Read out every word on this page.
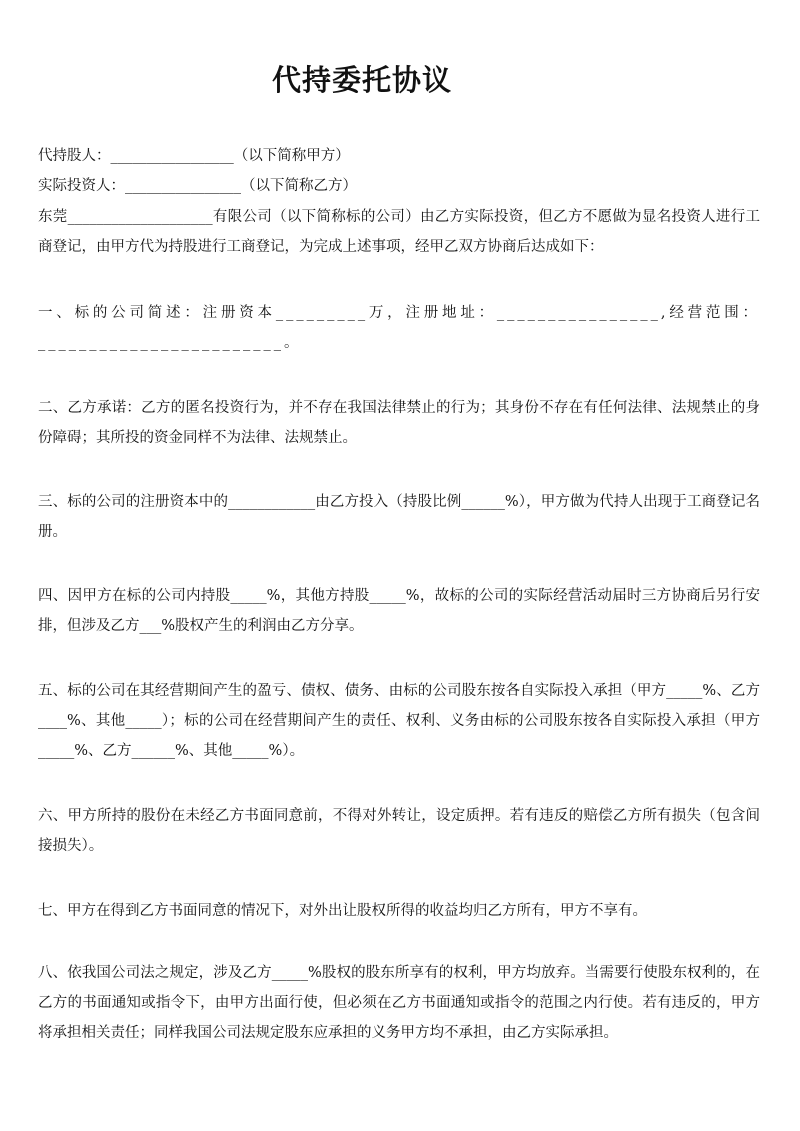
代持委托协议
代持股人：_________________（以下简称甲方）
实际投资人：________________（以下简称乙方）

东莞____________________有限公司（以下简称标的公司）由乙方实际投资，但乙方不愿做为显名投资人进行工商登记，由甲方代为持股进行工商登记，为完成上述事项，经甲乙双方协商后达成如下：

一、标的公司简述：注册资本_________万，注册地址：________________,经营范围：________________________。

二、乙方承诺：乙方的匿名投资行为，并不存在我国法律禁止的行为；其身份不存在有任何法律、法规禁止的身份障碍；其所投的资金同样不为法律、法规禁止。

三、标的公司的注册资本中的____________由乙方投入（持股比例______%），甲方做为代持人出现于工商登记名册。

四、因甲方在标的公司内持股_____%，其他方持股_____%，故标的公司的实际经营活动届时三方协商后另行安排，但涉及乙方___%股权产生的利润由乙方分享。

五、标的公司在其经营期间产生的盈亏、债权、债务、由标的公司股东按各自实际投入承担（甲方_____%、乙方____%、其他_____）；标的公司在经营期间产生的责任、权利、义务由标的公司股东按各自实际投入承担（甲方_____%、乙方______%、其他_____%）。

六、甲方所持的股份在未经乙方书面同意前，不得对外转让，设定质押。若有违反的赔偿乙方所有损失（包含间接损失）。

七、甲方在得到乙方书面同意的情况下，对外出让股权所得的收益均归乙方所有，甲方不享有。

八、依我国公司法之规定，涉及乙方_____%股权的股东所享有的权利，甲方均放弃。当需要行使股东权利的，在乙方的书面通知或指令下，由甲方出面行使，但必须在乙方书面通知或指令的范围之内行使。若有违反的，甲方将承担相关责任；同样我国公司法规定股东应承担的义务甲方均不承担，由乙方实际承担。
